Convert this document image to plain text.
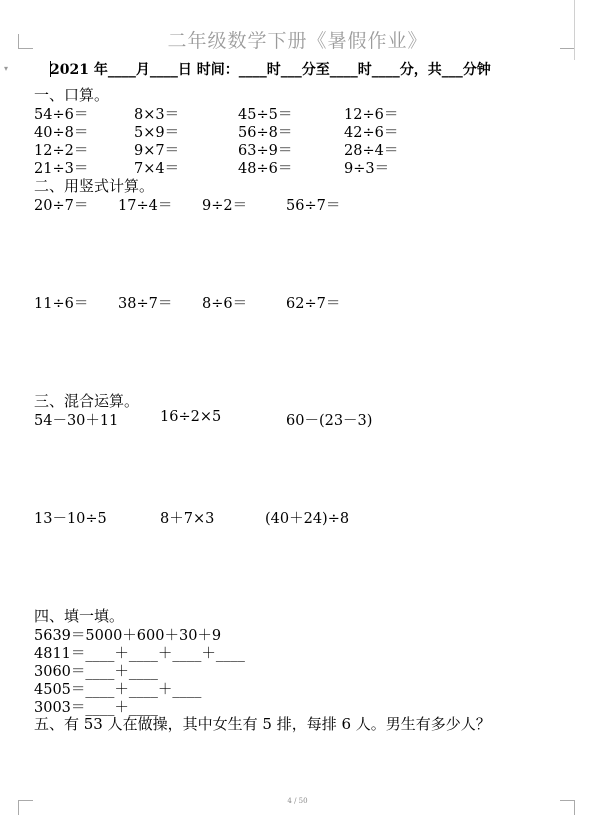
▾
二年级数学下册《暑假作业》
2021 年____月____日 时间：____时___分至____时____分，共___分钟
一、口算。
54÷6＝	8×3＝	45÷5＝	12÷6＝
40÷8＝	5×9＝	56÷8＝	42÷6＝
12÷2＝	9×7＝	63÷9＝	28÷4＝
21÷3＝	7×4＝	48÷6＝	9÷3＝
二、用竖式计算。
20÷7＝ 17÷4＝ 9÷2＝	56÷7＝
11÷6＝ 38÷7＝ 8÷6＝	62÷7＝
三、混合运算。
54－30＋11	16÷2×5	60－(23－3)
13－10÷5	8＋7×3	(40＋24)÷8
四、填一填。
5639＝5000＋600＋30＋9
4811＝____＋____＋____＋____
3060＝____＋____
4505＝____＋____＋____
3003＝____＋____
五、有 53 人在做操，其中女生有 5 排，每排 6 人。男生有多少人？
4 / 50
